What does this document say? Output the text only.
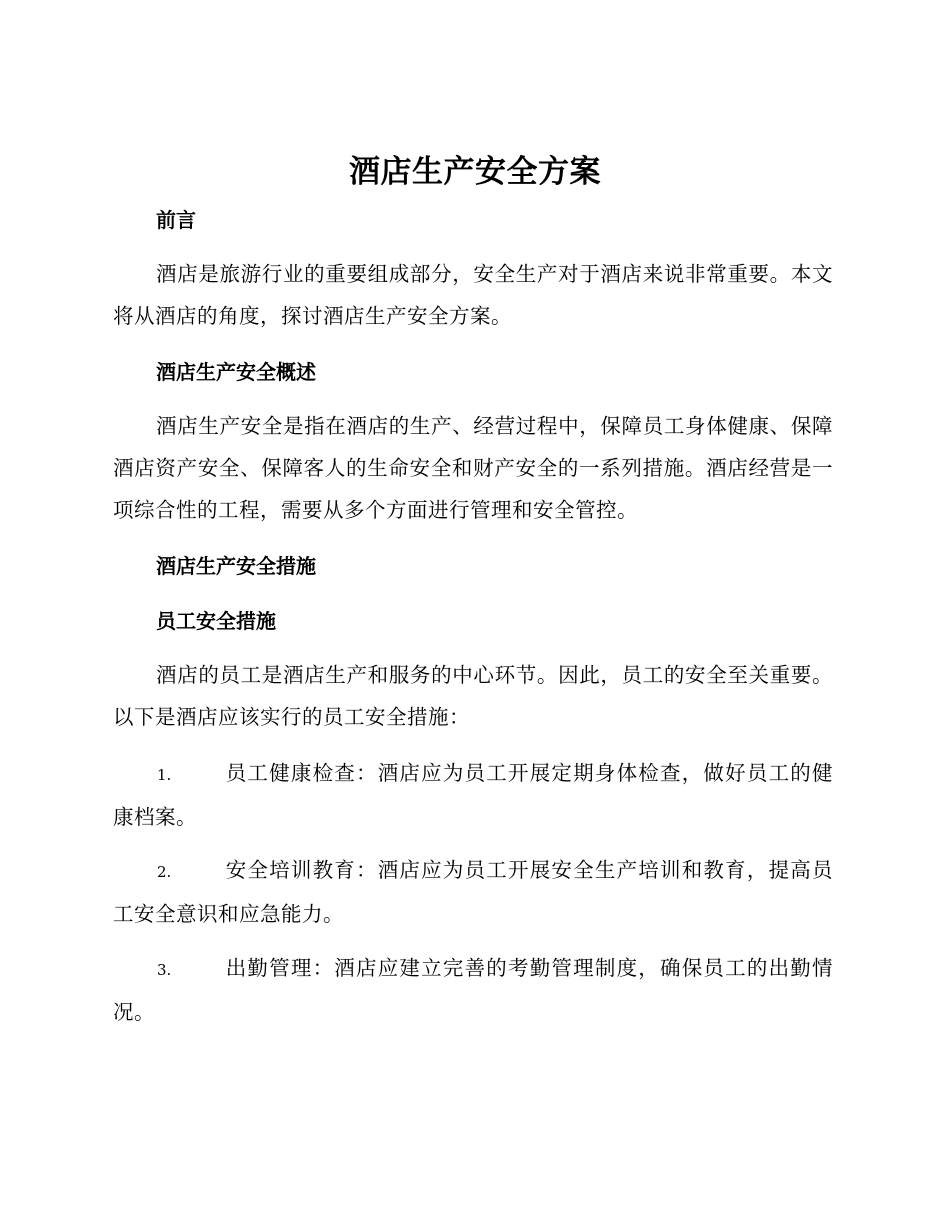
酒店生产安全方案
前言
酒店是旅游行业的重要组成部分，安全生产对于酒店来说非常重要。本文将从酒店的角度，探讨酒店生产安全方案。
酒店生产安全概述
酒店生产安全是指在酒店的生产、经营过程中，保障员工身体健康、保障酒店资产安全、保障客人的生命安全和财产安全的一系列措施。酒店经营是一项综合性的工程，需要从多个方面进行管理和安全管控。
酒店生产安全措施
员工安全措施
酒店的员工是酒店生产和服务的中心环节。因此，员工的安全至关重要。以下是酒店应该实行的员工安全措施：
1.	员工健康检查：酒店应为员工开展定期身体检查，做好员工的健康档案。
2.	安全培训教育：酒店应为员工开展安全生产培训和教育，提高员工安全意识和应急能力。
3.	出勤管理：酒店应建立完善的考勤管理制度，确保员工的出勤情况。
